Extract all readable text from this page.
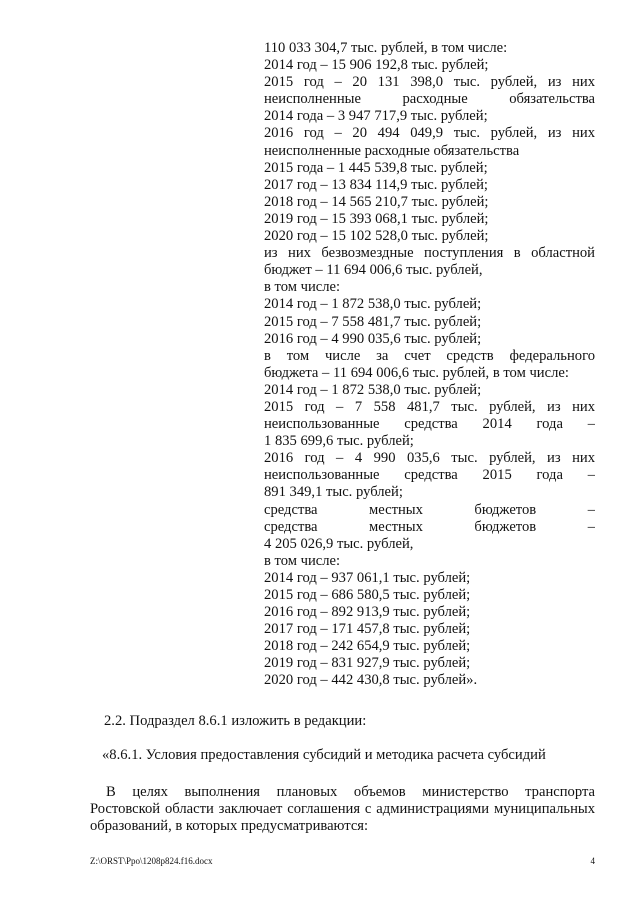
110 033 304,7 тыс. рублей, в том числе:
2014 год – 15 906 192,8 тыс. рублей;
2015 год – 20 131 398,0 тыс. рублей, из них
неисполненные расходные обязательства
2014 года – 3 947 717,9 тыс. рублей;
2016 год – 20 494 049,9 тыс. рублей, из них
неисполненные расходные обязательства
2015 года – 1 445 539,8 тыс. рублей;
2017 год – 13 834 114,9 тыс. рублей;
2018 год – 14 565 210,7 тыс. рублей;
2019 год – 15 393 068,1 тыс. рублей;
2020 год – 15 102 528,0 тыс. рублей;
из них безвозмездные поступления в областной
бюджет – 11 694 006,6 тыс. рублей,
в том числе:
2014 год – 1 872 538,0 тыс. рублей;
2015 год – 7 558 481,7 тыс. рублей;
2016 год – 4 990 035,6 тыс. рублей;
в том числе за счет средств федерального
бюджета – 11 694 006,6 тыс. рублей, в том числе:
2014 год – 1 872 538,0 тыс. рублей;
2015 год – 7 558 481,7 тыс. рублей, из них
неиспользованные средства 2014 года –
1 835 699,6 тыс. рублей;
2016 год – 4 990 035,6 тыс. рублей, из них
неиспользованные средства 2015 года –
891 349,1 тыс. рублей;
средства местных бюджетов –
средства местных бюджетов –
4 205 026,9 тыс. рублей,
в том числе:
2014 год – 937 061,1 тыс. рублей;
2015 год – 686 580,5 тыс. рублей;
2016 год – 892 913,9 тыс. рублей;
2017 год – 171 457,8 тыс. рублей;
2018 год – 242 654,9 тыс. рублей;
2019 год – 831 927,9 тыс. рублей;
2020 год – 442 430,8 тыс. рублей».
2.2. Подраздел 8.6.1 изложить в редакции:
«8.6.1. Условия предоставления субсидий и методика расчета субсидий
В целях выполнения плановых объемов министерство транспорта
Ростовской области заключает соглашения с администрациями муниципальных
образований, в которых предусматриваются:
Z:\ORST\Ppo\1208p824.f16.docx	4
